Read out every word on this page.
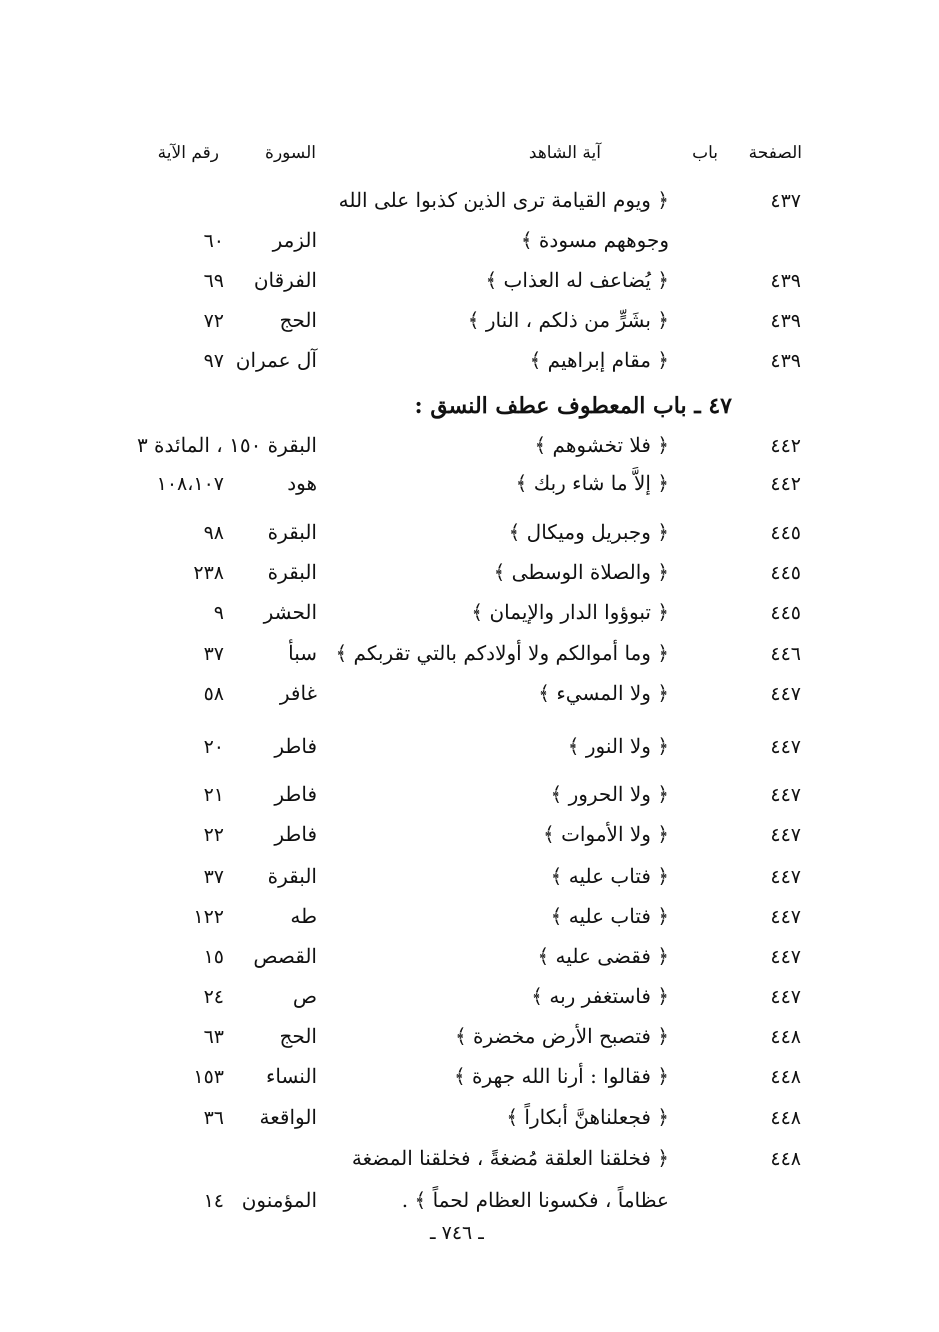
الصفحة
باب
آية الشاهد
السورة
رقم الآية
٤٧ ـ باب المعطوف عطف النسق :
٤٣٧
﴿ ويوم القيامة ترى الذين كذبوا على الله
وجوههم مسودة ﴾
الزمر
٦٠
٤٣٩
﴿ يُضاعف له العذاب ﴾
الفرقان
٦٩
٤٣٩
﴿ بشَرٍّ من ذلكم ، النار ﴾
الحج
٧٢
٤٣٩
﴿ مقام إبراهيم ﴾
آل عمران
٩٧
٤٤٢
﴿ فلا تخشوهم ﴾
البقرة ١٥٠ ، المائدة ٣
٤٤٢
﴿ إلاَّ ما شاء ربك ﴾
هود
١٠٨،١٠٧
٤٤٥
﴿ وجبريل وميكال ﴾
البقرة
٩٨
٤٤٥
﴿ والصلاة الوسطى ﴾
البقرة
٢٣٨
٤٤٥
﴿ تبوؤوا الدار والإيمان ﴾
الحشر
٩
٤٤٦
﴿ وما أموالكم ولا أولادكم بالتي تقربكم ﴾
سبأ
٣٧
٤٤٧
﴿ ولا المسيء ﴾
غافر
٥٨
٤٤٧
﴿ ولا النور ﴾
فاطر
٢٠
٤٤٧
﴿ ولا الحرور ﴾
فاطر
٢١
٤٤٧
﴿ ولا الأموات ﴾
فاطر
٢٢
٤٤٧
﴿ فتاب عليه ﴾
البقرة
٣٧
٤٤٧
﴿ فتاب عليه ﴾
طه
١٢٢
٤٤٧
﴿ فقضى عليه ﴾
القصص
١٥
٤٤٧
﴿ فاستغفر ربه ﴾
ص
٢٤
٤٤٨
﴿ فتصبح الأرض مخضرة ﴾
الحج
٦٣
٤٤٨
﴿ فقالوا : أرنا الله جهرة ﴾
النساء
١٥٣
٤٤٨
﴿ فجعلناهنَّ أبكاراً ﴾
الواقعة
٣٦
٤٤٨
﴿ فخلقنا العلقة مُضغةً ، فخلقنا المضغة
عظاماً ، فكسونا العظام لحماً ﴾ .
المؤمنون
١٤
ـ ٧٤٦ ـ
